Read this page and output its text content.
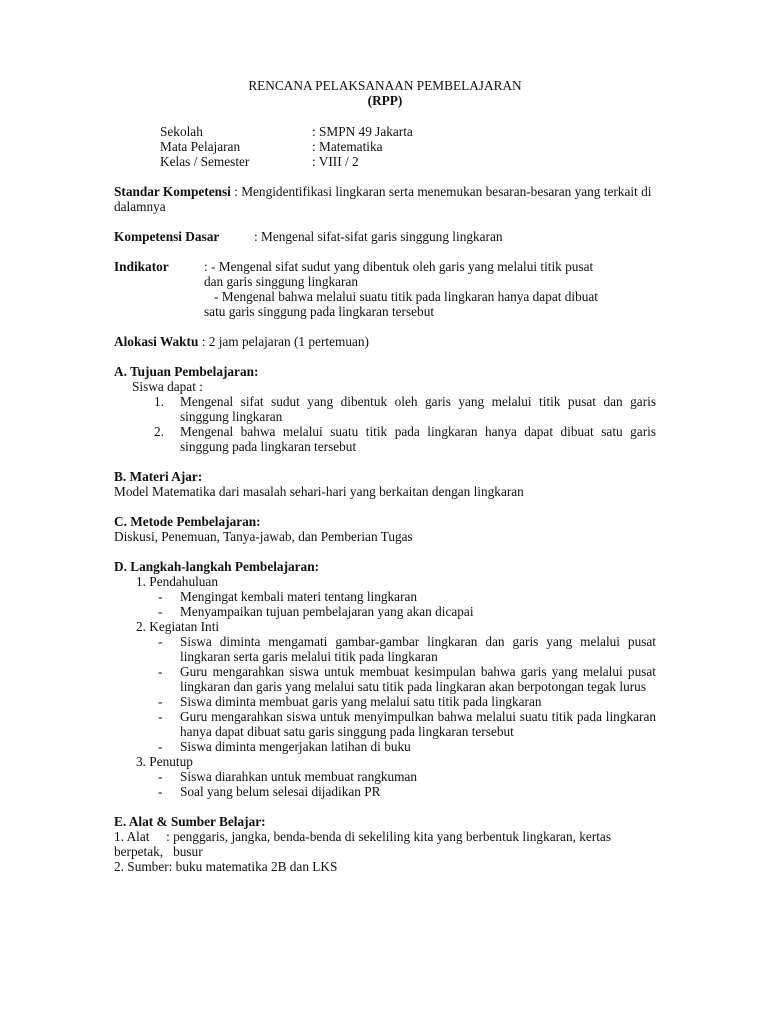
RENCANA PELAKSANAAN PEMBELAJARAN
(RPP)
Sekolah	: SMPN 49 Jakarta
Mata Pelajaran	: Matematika
Kelas / Semester	: VIII / 2
Standar Kompetensi : Mengidentifikasi lingkaran serta menemukan besaran-besaran yang terkait di dalamnya
Kompetensi Dasar	: Mengenal sifat-sifat garis singgung lingkaran
Indikator	: - Mengenal sifat sudut yang dibentuk oleh garis yang melalui titik pusat
dan garis singgung lingkaran
- Mengenal bahwa melalui suatu titik pada lingkaran hanya dapat dibuat
satu garis singgung pada lingkaran tersebut
Alokasi Waktu : 2 jam pelajaran (1 pertemuan)
A. Tujuan Pembelajaran:
Siswa dapat :
1.	Mengenal sifat sudut yang dibentuk oleh garis yang melalui titik pusat dan garis singgung lingkaran
2.	Mengenal bahwa melalui suatu titik pada lingkaran hanya dapat dibuat satu garis singgung pada lingkaran tersebut
B. Materi Ajar:
Model Matematika dari masalah sehari-hari yang berkaitan dengan lingkaran
C. Metode Pembelajaran:
Diskusi, Penemuan, Tanya-jawab, dan Pemberian Tugas
D. Langkah-langkah Pembelajaran:
1. Pendahuluan
-	Mengingat kembali materi tentang lingkaran
-	Menyampaikan tujuan pembelajaran yang akan dicapai
2. Kegiatan Inti
-	Siswa diminta mengamati gambar-gambar lingkaran dan garis yang melalui pusat lingkaran serta garis melalui titik pada lingkaran
-	Guru mengarahkan siswa untuk membuat kesimpulan bahwa garis yang melalui pusat lingkaran dan garis yang melalui satu titik pada lingkaran akan berpotongan tegak lurus
-	Siswa diminta membuat garis yang melalui satu titik pada lingkaran
-	Guru mengarahkan siswa untuk menyimpulkan bahwa melalui suatu titik pada lingkaran hanya dapat dibuat satu garis singgung pada lingkaran tersebut
-	Siswa diminta mengerjakan latihan di buku
3. Penutup
-	Siswa diarahkan untuk membuat rangkuman
-	Soal yang belum selesai dijadikan PR
E. Alat & Sumber Belajar:
1. Alat     : penggaris, jangka, benda-benda di sekeliling kita yang berbentuk lingkaran, kertas berpetak,   busur
2. Sumber: buku matematika 2B dan LKS
